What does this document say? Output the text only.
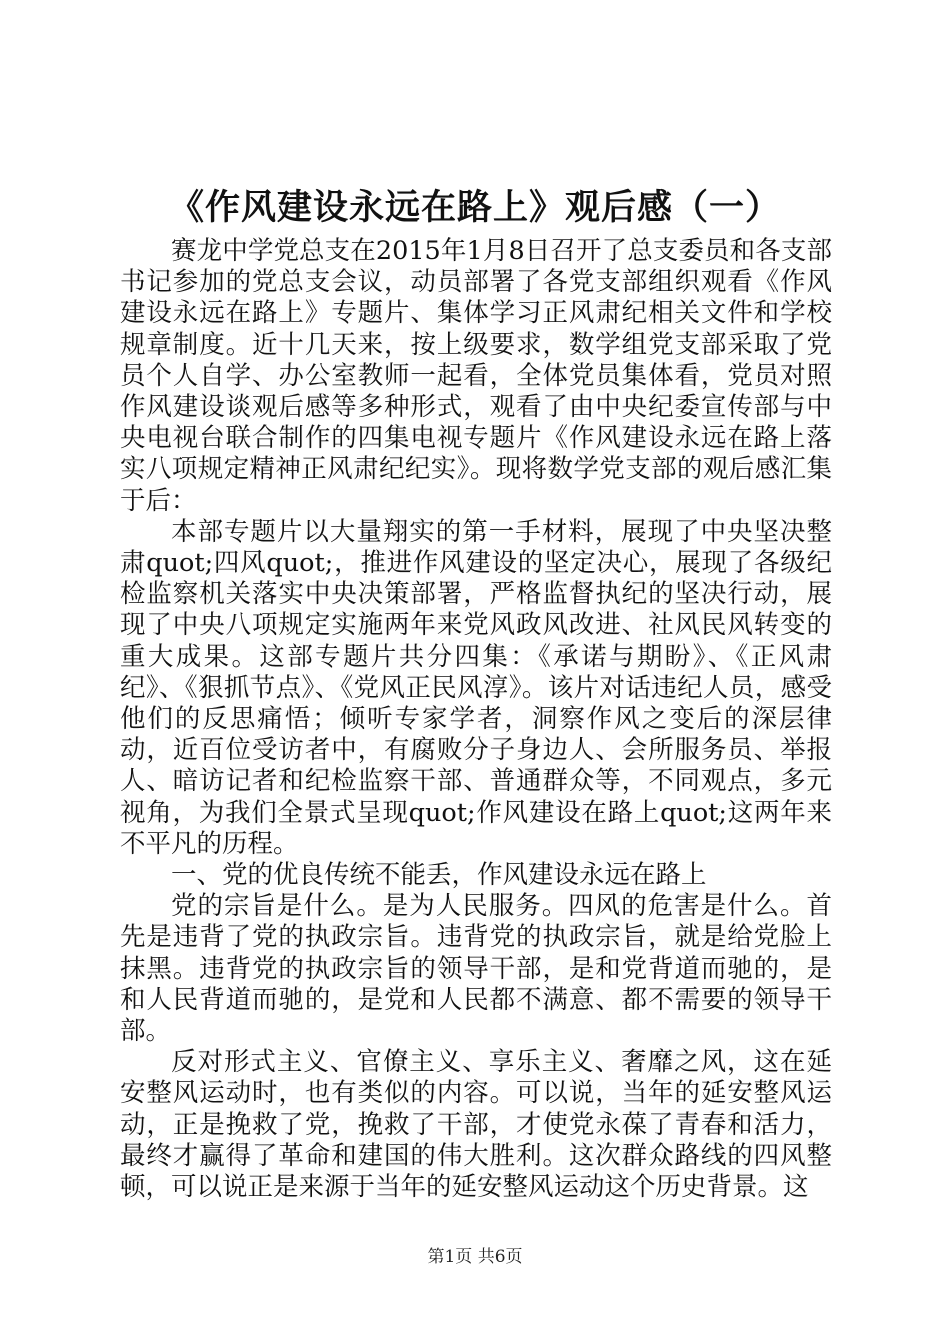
《作风建设永远在路上》观后感（一）

赛龙中学党总支在2015年1月8日召开了总支委员和各支部书记参加的党总支会议，动员部署了各党支部组织观看《作风建设永远在路上》专题片、集体学习正风肃纪相关文件和学校规章制度。近十几天来，按上级要求，数学组党支部采取了党员个人自学、办公室教师一起看，全体党员集体看，党员对照作风建设谈观后感等多种形式，观看了由中央纪委宣传部与中央电视台联合制作的四集电视专题片《作风建设永远在路上落实八项规定精神正风肃纪纪实》。现将数学党支部的观后感汇集于后：

本部专题片以大量翔实的第一手材料，展现了中央坚决整肃quot;四风quot;，推进作风建设的坚定决心，展现了各级纪检监察机关落实中央决策部署，严格监督执纪的坚决行动，展现了中央八项规定实施两年来党风政风改进、社风民风转变的重大成果。这部专题片共分四集：《承诺与期盼》、《正风肃纪》、《狠抓节点》、《党风正民风淳》。该片对话违纪人员，感受他们的反思痛悟；倾听专家学者，洞察作风之变后的深层律动，近百位受访者中，有腐败分子身边人、会所服务员、举报人、暗访记者和纪检监察干部、普通群众等，不同观点，多元视角，为我们全景式呈现quot;作风建设在路上quot;这两年来不平凡的历程。

一、党的优良传统不能丢，作风建设永远在路上

党的宗旨是什么。是为人民服务。四风的危害是什么。首先是违背了党的执政宗旨。违背党的执政宗旨，就是给党脸上抹黑。违背党的执政宗旨的领导干部，是和党背道而驰的，是和人民背道而驰的，是党和人民都不满意、都不需要的领导干部。

反对形式主义、官僚主义、享乐主义、奢靡之风，这在延安整风运动时，也有类似的内容。可以说，当年的延安整风运动，正是挽救了党，挽救了干部，才使党永葆了青春和活力，最终才赢得了革命和建国的伟大胜利。这次群众路线的四风整顿，可以说正是来源于当年的延安整风运动这个历史背景。这

第1页 共6页
